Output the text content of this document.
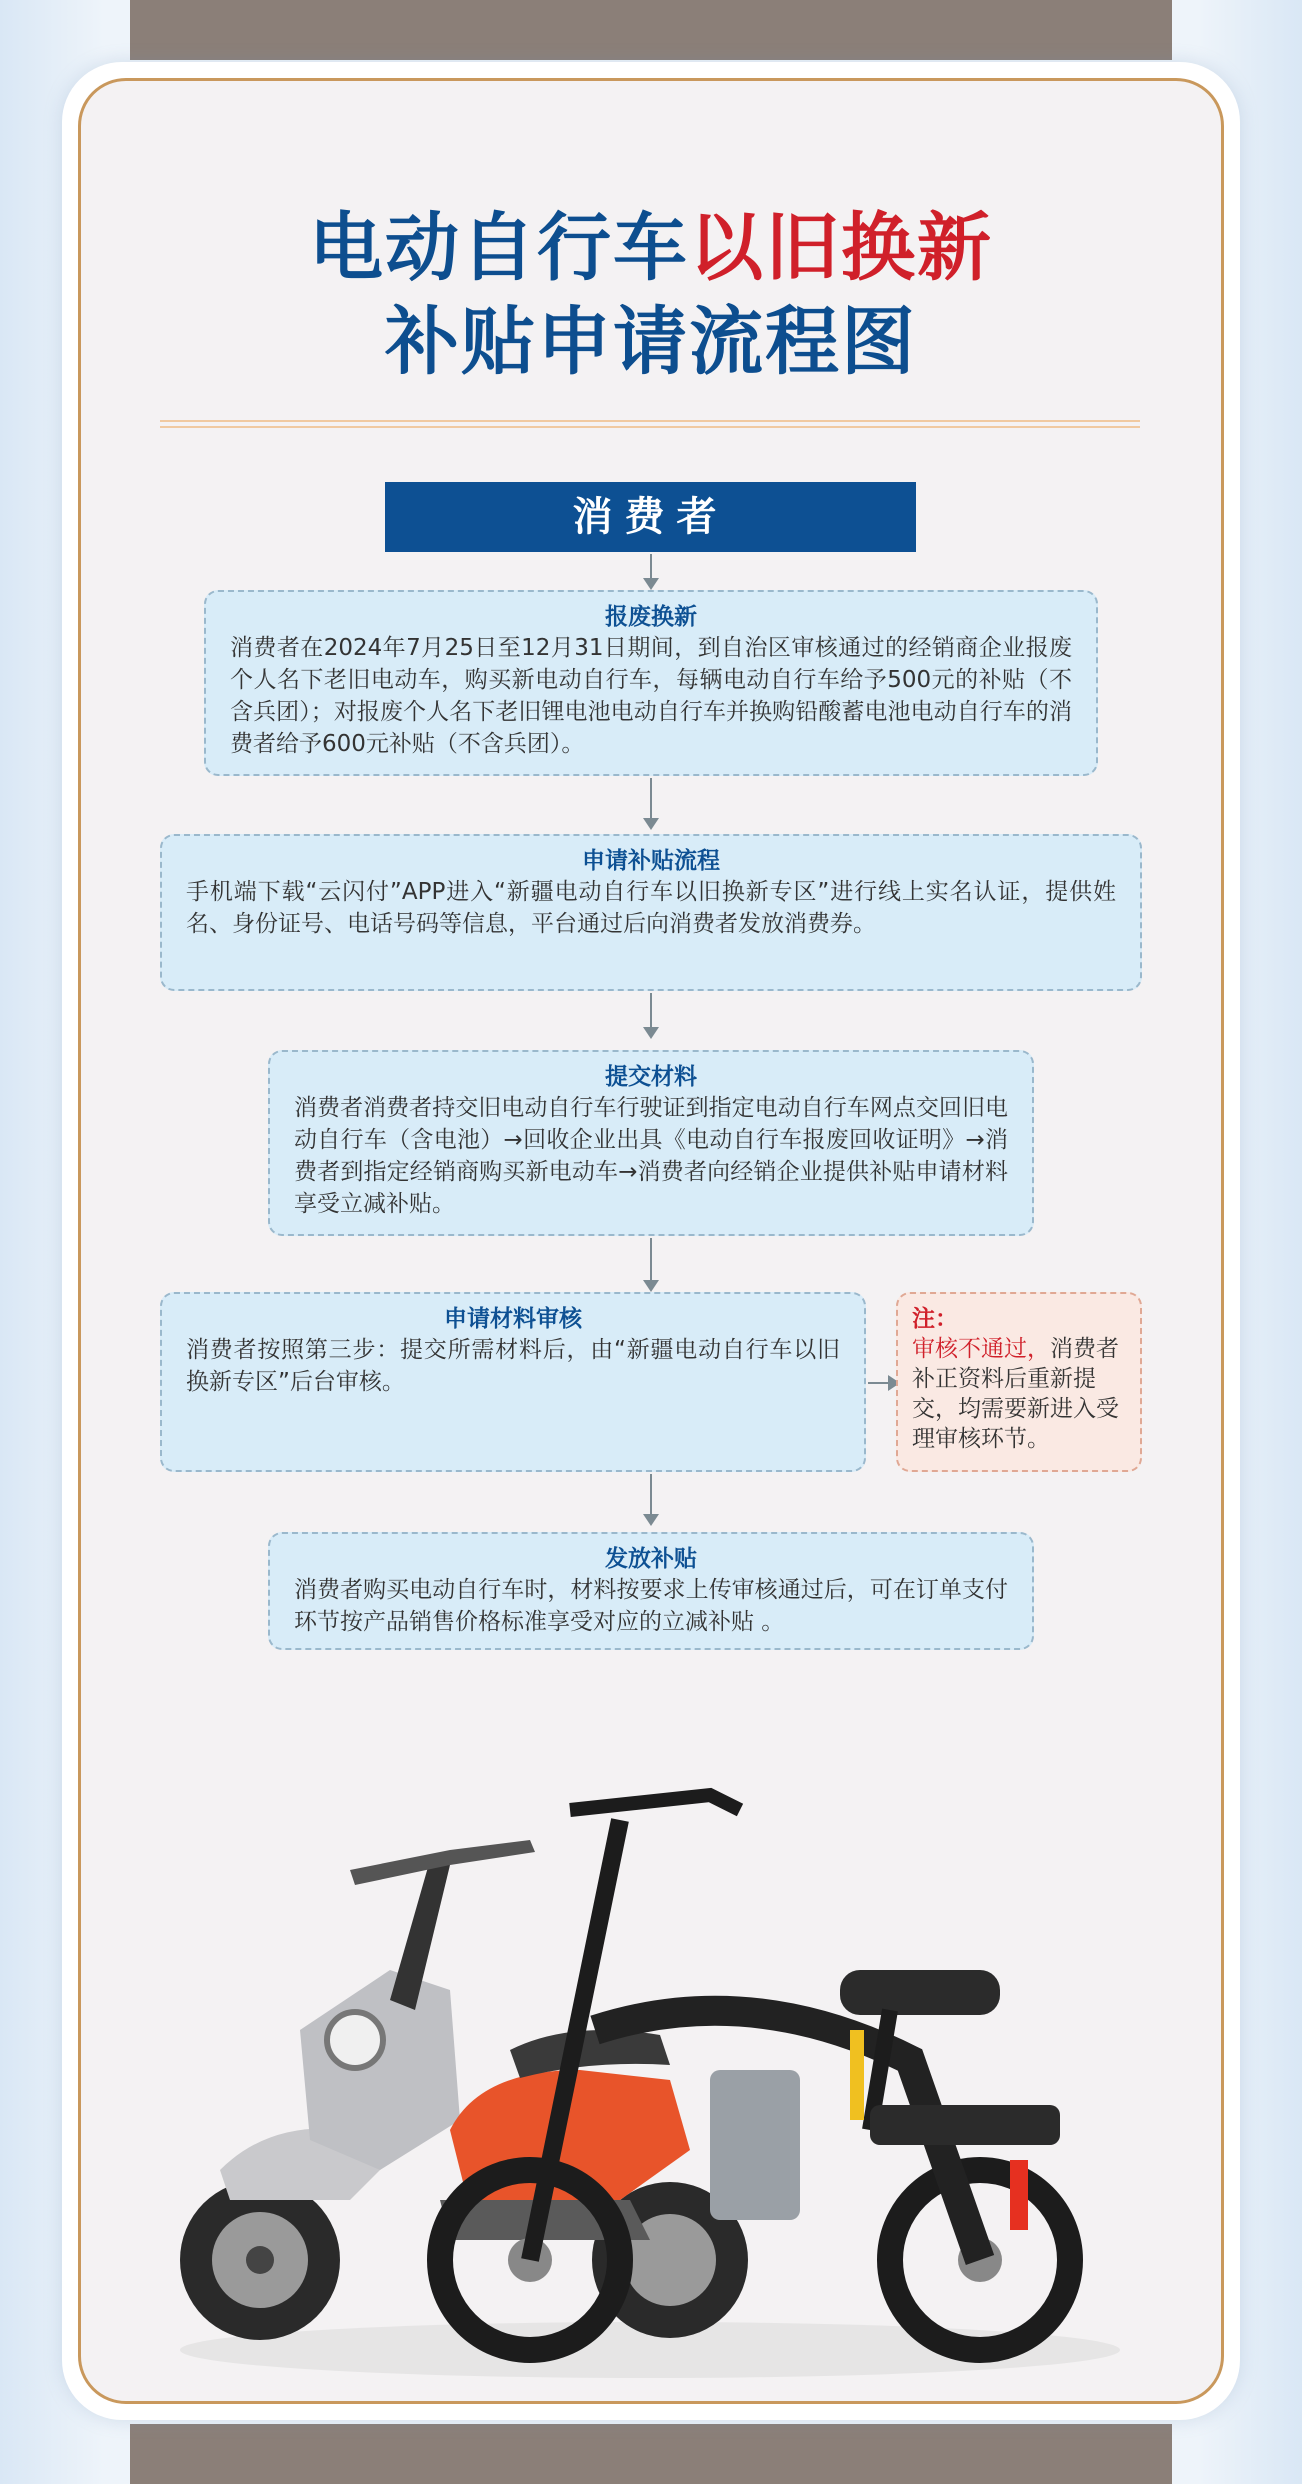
电动自行车以旧换新
补贴申请流程图
消费者
报废换新
消费者在2024年7月25日至12月31日期间，到自治区审核通过的经销商企业报废个人名下老旧电动车，购买新电动自行车，每辆电动自行车给予500元的补贴（不含兵团）；对报废个人名下老旧锂电池电动自行车并换购铅酸蓄电池电动自行车的消费者给予600元补贴（不含兵团）。
申请补贴流程
手机端下载“云闪付”APP进入“新疆电动自行车以旧换新专区”进行线上实名认证，提供姓名、身份证号、电话号码等信息，平台通过后向消费者发放消费券。
提交材料
消费者消费者持交旧电动自行车行驶证到指定电动自行车网点交回旧电动自行车（含电池）→回收企业出具《电动自行车报废回收证明》→消费者到指定经销商购买新电动车→消费者向经销企业提供补贴申请材料享受立减补贴。
申请材料审核
消费者按照第三步：提交所需材料后，由“新疆电动自行车以旧换新专区”后台审核。
注：
审核不通过，消费者补正资料后重新提交，均需要新进入受理审核环节。
发放补贴
消费者购买电动自行车时，材料按要求上传审核通过后，可在订单支付环节按产品销售价格标准享受对应的立减补贴 。
